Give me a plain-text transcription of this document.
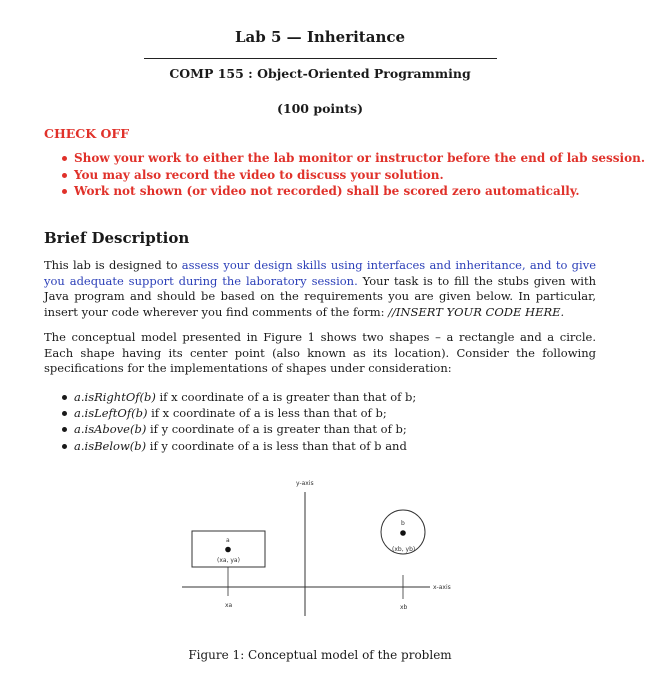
Lab 5 — Inheritance
COMP 155 : Object-Oriented Programming
(100 points)
CHECK OFF
Show your work to either the lab monitor or instructor before the end of lab session.
You may also record the video to discuss your solution.
Work not shown (or video not recorded) shall be scored zero automatically.
Brief Description
This lab is designed to assess your design skills using interfaces and inheritance, and to give you adequate support during the laboratory session. Your task is to fill the stubs given with Java program and should be based on the requirements you are given below. In particular, insert your code wherever you find comments of the form: //INSERT YOUR CODE HERE.
The conceptual model presented in Figure 1 shows two shapes – a rectangle and a circle. Each shape having its center point (also known as its location). Consider the following specifications for the implementations of shapes under consideration:
a.isRightOf(b) if x coordinate of a is greater than that of b;
a.isLeftOf(b) if x coordinate of a is less than that of b;
a.isAbove(b) if y coordinate of a is greater than that of b;
a.isBelow(b) if y coordinate of a is less than that of b and
y-axis
x-axis
a
(xa, ya)
xa
b
(xb, yb)
xb
Figure 1: Conceptual model of the problem
